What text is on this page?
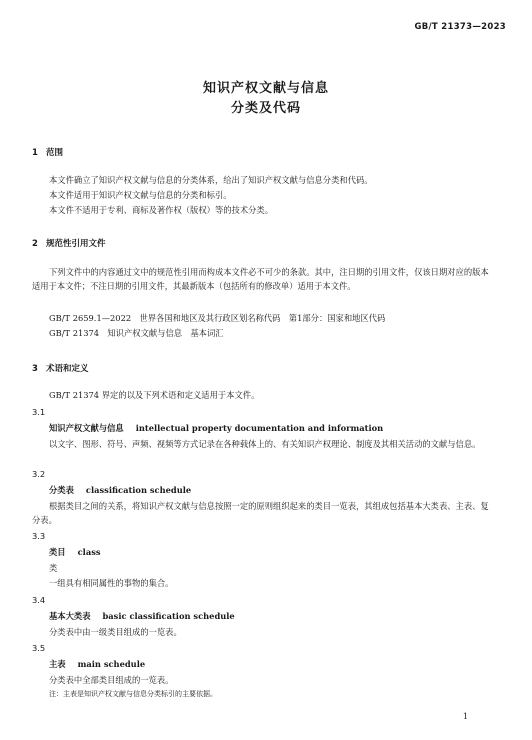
GB/T 21373—2023
知识产权文献与信息
分类及代码
1 范围
本文件确立了知识产权文献与信息的分类体系，给出了知识产权文献与信息分类和代码。
本文件适用于知识产权文献与信息的分类和标引。
本文件不适用于专利、商标及著作权（版权）等的技术分类。
2 规范性引用文件
下列文件中的内容通过文中的规范性引用而构成本文件必不可少的条款。其中，注日期的引用文件，仅该日期对应的版本适用于本文件；不注日期的引用文件，其最新版本（包括所有的修改单）适用于本文件。
GB/T 2659.1—2022　世界各国和地区及其行政区划名称代码　第1部分：国家和地区代码
GB/T 21374　知识产权文献与信息　基本词汇
3 术语和定义
GB/T 21374 界定的以及下列术语和定义适用于本文件。
3.1
知识产权文献与信息 intellectual property documentation and information
以文字、图形、符号、声频、视频等方式记录在各种载体上的、有关知识产权理论、制度及其相关活动的文献与信息。
3.2
分类表 classification schedule
根据类目之间的关系，将知识产权文献与信息按照一定的原则组织起来的类目一览表，其组成包括基本大类表、主表、复分表。
3.3
类目 class
类
一组具有相同属性的事物的集合。
3.4
基本大类表 basic classification schedule
分类表中由一级类目组成的一览表。
3.5
主表 main schedule
分类表中全部类目组成的一览表。
注：主表是知识产权文献与信息分类标引的主要依据。
1
